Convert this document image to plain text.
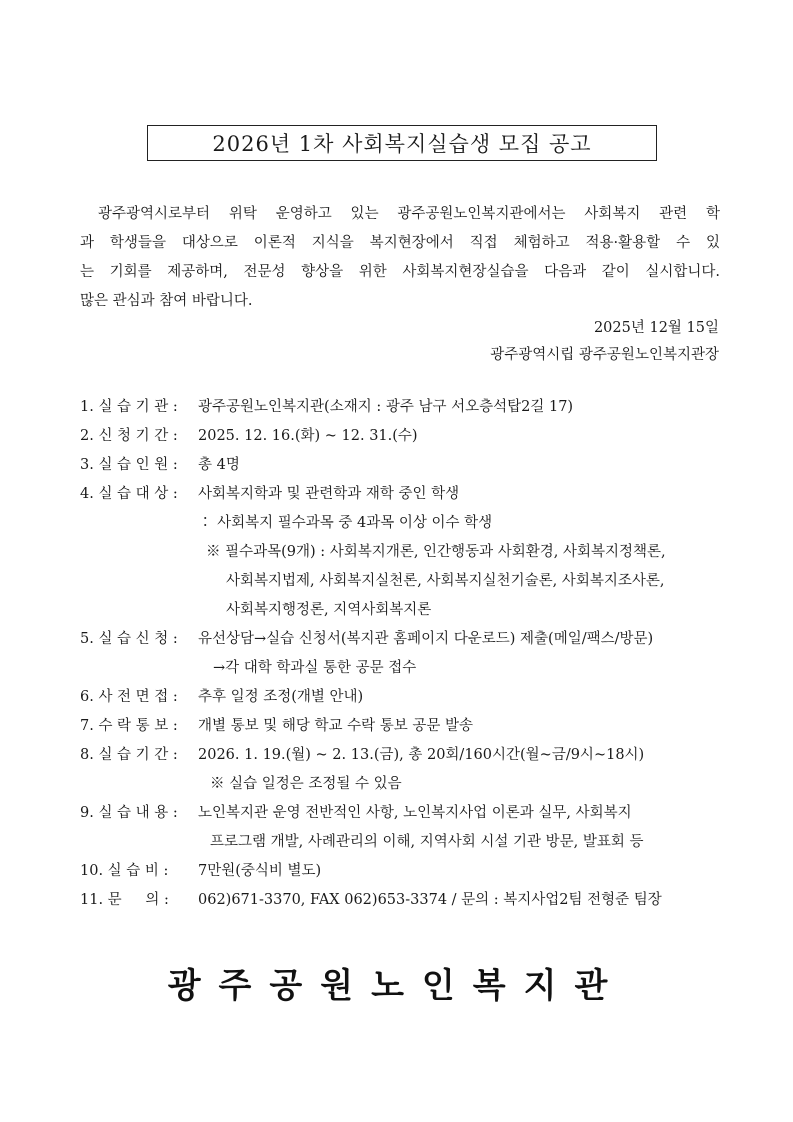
2026년 1차 사회복지실습생 모집 공고
광주광역시로부터 위탁 운영하고 있는 광주공원노인복지관에서는 사회복지 관련 학
과 학생들을 대상으로 이론적 지식을 복지현장에서 직접 체험하고 적용·활용할 수 있
는 기회를 제공하며, 전문성 향상을 위한 사회복지현장실습을 다음과 같이 실시합니다.
많은 관심과 참여 바랍니다.
2025년 12월 15일
광주광역시립 광주공원노인복지관장
1. 실 습 기 관 : 광주공원노인복지관(소재지 : 광주 남구 서오층석탑2길 17)
2. 신 청 기 간 : 2025. 12. 16.(화) ~ 12. 31.(수)
3. 실 습 인 원 : 총 4명
4. 실 습 대 상 : 사회복지학과 및 관련학과 재학 중인 학생
∶ 사회복지 필수과목 중 4과목 이상 이수 학생
※ 필수과목(9개) : 사회복지개론, 인간행동과 사회환경, 사회복지정책론,
사회복지법제, 사회복지실천론, 사회복지실천기술론, 사회복지조사론,
사회복지행정론, 지역사회복지론
5. 실 습 신 청 : 유선상담→실습 신청서(복지관 홈페이지 다운로드) 제출(메일/팩스/방문)
→각 대학 학과실 통한 공문 접수
6. 사 전 면 접 : 추후 일정 조정(개별 안내)
7. 수 락 통 보 : 개별 통보 및 해당 학교 수락 통보 공문 발송
8. 실 습 기 간 : 2026. 1. 19.(월) ~ 2. 13.(금), 총 20회/160시간(월~금/9시~18시)
※ 실습 일정은 조정될 수 있음
9. 실 습 내 용 : 노인복지관 운영 전반적인 사항, 노인복지사업 이론과 실무, 사회복지
프로그램 개발, 사례관리의 이해, 지역사회 시설 기관 방문, 발표회 등
10. 실 습 비 : 7만원(중식비 별도)
11. 문 　 의 : 062)671-3370, FAX 062)653-3374 / 문의 : 복지사업2팀 전형준 팀장
광주공원노인복지관
